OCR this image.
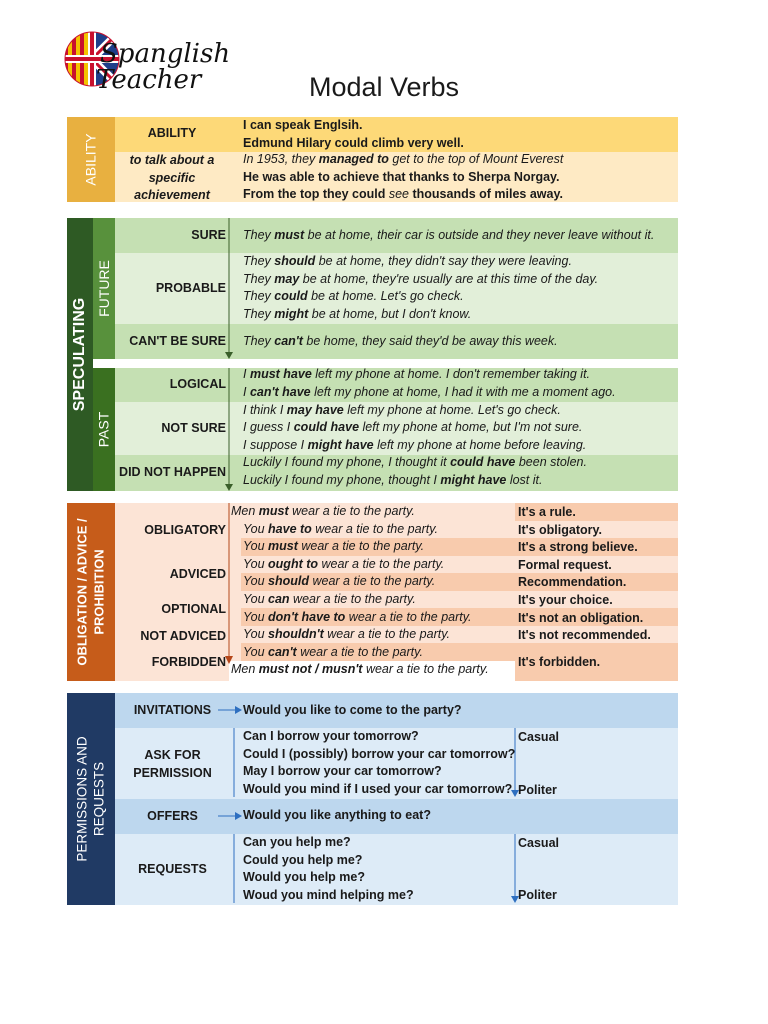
Spanglish
Teacher	Modal Verbs
ABILITY
ABILITY
to talk about a
specific
achievement
I can speak Englsih.
Edmund Hilary could climb very well.
In 1953, they managed to get to the top of Mount Everest
He was able to achieve that thanks to Sherpa Norgay.
From the top they could see thousands of miles away.
SPECULATING
FUTURE
PAST
SURE
PROBABLE
CAN'T BE SURE
LOGICAL
NOT SURE
DID NOT HAPPEN
They must be at home, their car is outside and they never leave without it.
They should be at home, they didn't say they were leaving.
They may be at home, they're usually are at this time of the day.
They could be at home. Let's go check.
They might be at home, but I don't know.
They can't be home, they said they'd be away this week.
I must have left my phone at home. I don't remember taking it.
I can't have left my phone at home, I had it with me a moment ago.
I think I may have left my phone at home. Let's go check.
I guess I could have left my phone at home, but I'm not sure.
I suppose I might have left my phone at home before leaving.
Luckily I found my phone, I thought it could have been stolen.
Luckily I found my phone, thought I might have lost it.
OBLIGATION / ADVICE / PROHIBITION
OBLIGATORY
ADVICED
OPTIONAL
NOT ADVICED
FORBIDDEN
Men must wear a tie to the party.
You have to wear a tie to the party.
You must wear a tie to the party.
You ought to wear a tie to the party.
You should wear a tie to the party.
You can wear a tie to the party.
You don't have to wear a tie to the party.
You shouldn't wear a tie to the party.
You can't wear a tie to the party.
Men must not / musn't wear a tie to the party.
It's a rule.
It's obligatory.
It's a strong believe.
Formal request.
Recommendation.
It's your choice.
It's not an obligation.
It's not recommended.
It's forbidden.
PERMISSIONS AND REQUESTS
INVITATIONS
ASK FOR
PERMISSION
OFFERS
REQUESTS
Would you like to come to the party?
Can I borrow your tomorrow?
Could I (possibly) borrow your car tomorrow?
May I borrow your car tomorrow?
Would you mind if I used your car tomorrow?
Casual
Politer
Would you like anything to eat?
Can you help me?
Could you help me?
Would you help me?
Woud you mind helping me?
Casual
Politer
